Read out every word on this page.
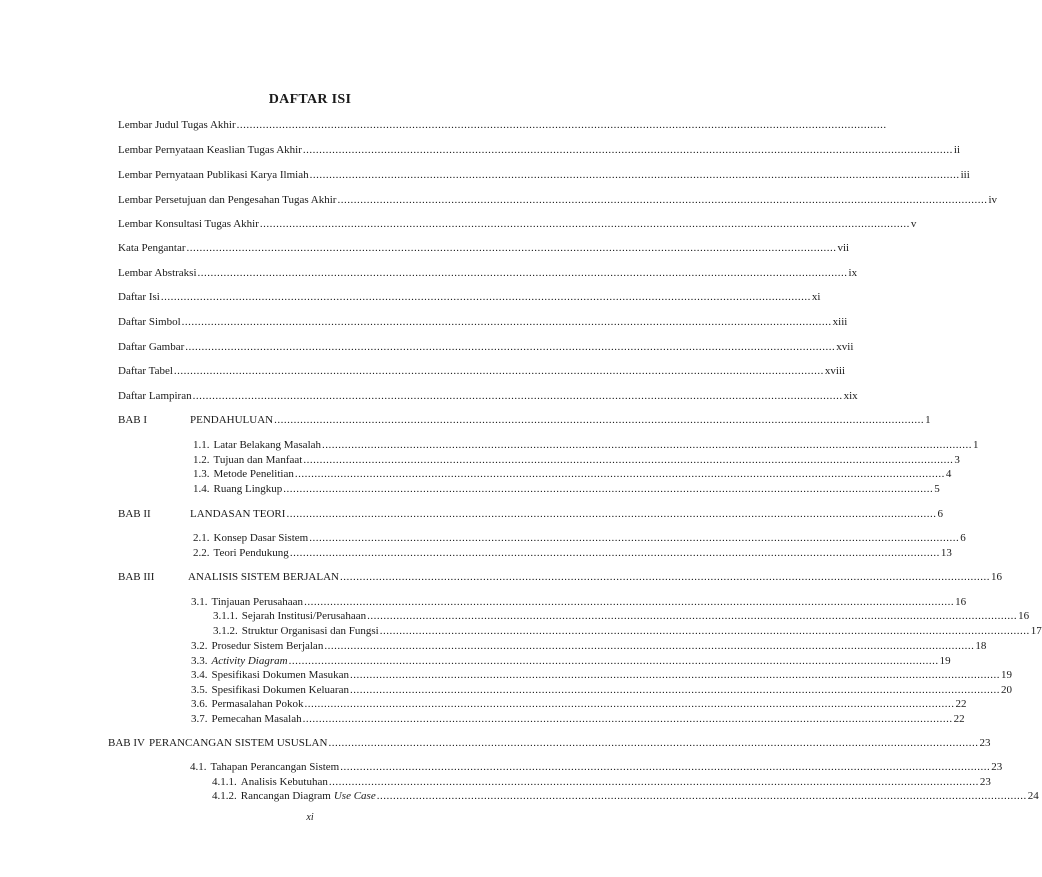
DAFTAR ISI
Lembar Judul Tugas Akhir ........................................................................................................................................................................................................
Lembar Pernyataan Keaslian Tugas Akhir ........................................................................................................................................................................................................ ii
Lembar Pernyataan Publikasi Karya Ilmiah ........................................................................................................................................................................................................ iii
Lembar Persetujuan dan Pengesahan Tugas Akhir ........................................................................................................................................................................................................ iv
Lembar Konsultasi Tugas Akhir ........................................................................................................................................................................................................ v
Kata Pengantar ........................................................................................................................................................................................................ vii
Lembar Abstraksi ........................................................................................................................................................................................................ ix
Daftar Isi ........................................................................................................................................................................................................ xi
Daftar Simbol ........................................................................................................................................................................................................ xiii
Daftar Gambar ........................................................................................................................................................................................................ xvii
Daftar Tabel ........................................................................................................................................................................................................ xviii
Daftar Lampiran ........................................................................................................................................................................................................ xix
BAB I	PENDAHULUAN ........................................................................................................................................................................................................ 1
1.1. Latar Belakang Masalah ........................................................................................................................................................................................................ 1
1.2. Tujuan dan Manfaat ........................................................................................................................................................................................................ 3
1.3. Metode Penelitian ........................................................................................................................................................................................................ 4
1.4. Ruang Lingkup ........................................................................................................................................................................................................ 5
BAB II	LANDASAN TEORI ........................................................................................................................................................................................................ 6
2.1. Konsep Dasar Sistem ........................................................................................................................................................................................................ 6
2.2. Teori Pendukung ........................................................................................................................................................................................................ 13
BAB III	ANALISIS SISTEM BERJALAN ........................................................................................................................................................................................................ 16
3.1. Tinjauan Perusahaan ........................................................................................................................................................................................................ 16
3.1.1. Sejarah Institusi/Perusahaan ........................................................................................................................................................................................................ 16
3.1.2. Struktur Organisasi dan Fungsi ........................................................................................................................................................................................................ 17
3.2. Prosedur Sistem Berjalan ........................................................................................................................................................................................................ 18
3.3. Activity Diagram ........................................................................................................................................................................................................ 19
3.4. Spesifikasi Dokumen Masukan ........................................................................................................................................................................................................ 19
3.5. Spesifikasi Dokumen Keluaran ........................................................................................................................................................................................................ 20
3.6. Permasalahan Pokok ........................................................................................................................................................................................................ 22
3.7. Pemecahan Masalah ........................................................................................................................................................................................................ 22
BAB IV PERANCANGAN SISTEM USUSLAN ........................................................................................................................................................................................................ 23
4.1. Tahapan Perancangan Sistem ........................................................................................................................................................................................................ 23
4.1.1. Analisis Kebutuhan ........................................................................................................................................................................................................ 23
4.1.2. Rancangan Diagram Use Case ........................................................................................................................................................................................................ 24
xi
